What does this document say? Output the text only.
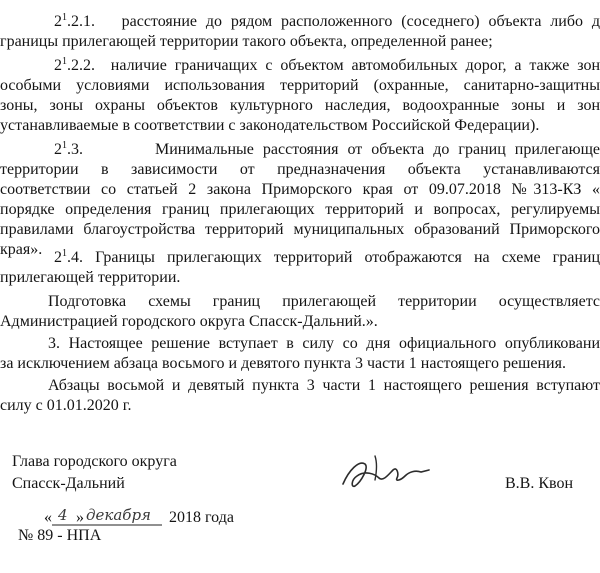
$2^1.2.1$. расстояние до рядом расположенного (соседнего) объекта либо д
границы прилегающей территории такого объекта, определенной ранее;
$2^1.2.2$. наличие граничащих с объектом автомобильных дорог, а также зон
особыми условиями использования территорий (охранные, санитарно-защитны
зоны, зоны охраны объектов культурного наследия, водоохранные зоны и зон
устанавливаемые в соответствии с законодательством Российской Федерации).
$2^1.3$.	Минимальные расстояния от объекта до границ прилегающе
территории в зависимости от предназначения объекта устанавливаются
соответствии со статьей 2 закона Приморского края от 09.07.2018 №313-КЗ «
порядке определения границ прилегающих территорий и вопросах, регулируемы
правилами благоустройства территорий муниципальных образований Приморского
края». $2^1.4$. Границы прилегающих территорий отображаются на схеме границ
прилегающей территории.
Подготовка схемы границ прилегающей территории осуществляетс
Администрацией городского округа Спасск-Дальний.».
3. Настоящее решение вступает в силу со дня официального опубликовани
за исключением абзаца восьмого и девятого пункта 3 части 1 настоящего решения.
Абзацы восьмой и девятый пункта 3 части 1 настоящего решения вступают
силу с 01.01.2020 г.
Глава городского округа
Спасск-Дальний	В.В. Квон
« 4 » декабря 2018 года
№ 89 - НПА
